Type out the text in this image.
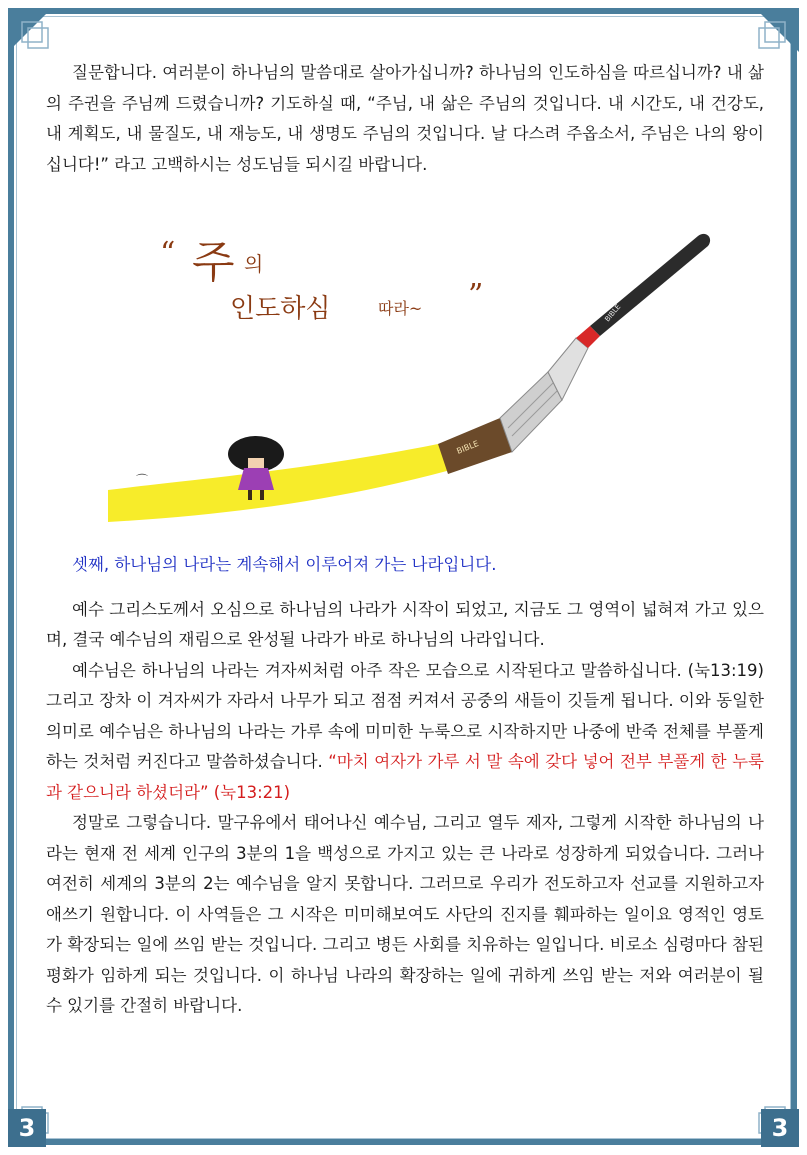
3	3
BIBLE
BIBLE
⌒
“ 주 의
인도하심	따라~ ”

질문합니다. 여러분이 하나님의 말씀대로 살아가십니까? 하나님의 인도하심을 따르십니까? 내 삶의 주권을 주님께 드렸습니까? 기도하실 때, “주님, 내 삶은 주님의 것입니다. 내 시간도, 내 건강도, 내 계획도, 내 물질도, 내 재능도, 내 생명도 주님의 것입니다. 날 다스려 주옵소서, 주님은 나의 왕이십니다!” 라고 고백하시는 성도님들 되시길 바랍니다.

셋째, 하나님의 나라는 계속해서 이루어져 가는 나라입니다.

예수 그리스도께서 오심으로 하나님의 나라가 시작이 되었고, 지금도 그 영역이 넓혀져 가고 있으며, 결국 예수님의 재림으로 완성될 나라가 바로 하나님의 나라입니다.

예수님은 하나님의 나라는 겨자씨처럼 아주 작은 모습으로 시작된다고 말씀하십니다. (눅13:19) 그리고 장차 이 겨자씨가 자라서 나무가 되고 점점 커져서 공중의 새들이 깃들게 됩니다. 이와 동일한 의미로 예수님은 하나님의 나라는 가루 속에 미미한 누룩으로 시작하지만 나중에 반죽 전체를 부풀게 하는 것처럼 커진다고 말씀하셨습니다. “마치 여자가 가루 서 말 속에 갖다 넣어 전부 부풀게 한 누룩과 같으니라 하셨더라” (눅13:21)

정말로 그렇습니다. 말구유에서 태어나신 예수님, 그리고 열두 제자, 그렇게 시작한 하나님의 나라는 현재 전 세계 인구의 3분의 1을 백성으로 가지고 있는 큰 나라로 성장하게 되었습니다. 그러나 여전히 세계의 3분의 2는 예수님을 알지 못합니다. 그러므로 우리가 전도하고자 선교를 지원하고자 애쓰기 원합니다. 이 사역들은 그 시작은 미미해보여도 사단의 진지를 훼파하는 일이요 영적인 영토가 확장되는 일에 쓰임 받는 것입니다. 그리고 병든 사회를 치유하는 일입니다. 비로소 심령마다 참된 평화가 임하게 되는 것입니다. 이 하나님 나라의 확장하는 일에 귀하게 쓰임 받는 저와 여러분이 될 수 있기를 간절히 바랍니다.
